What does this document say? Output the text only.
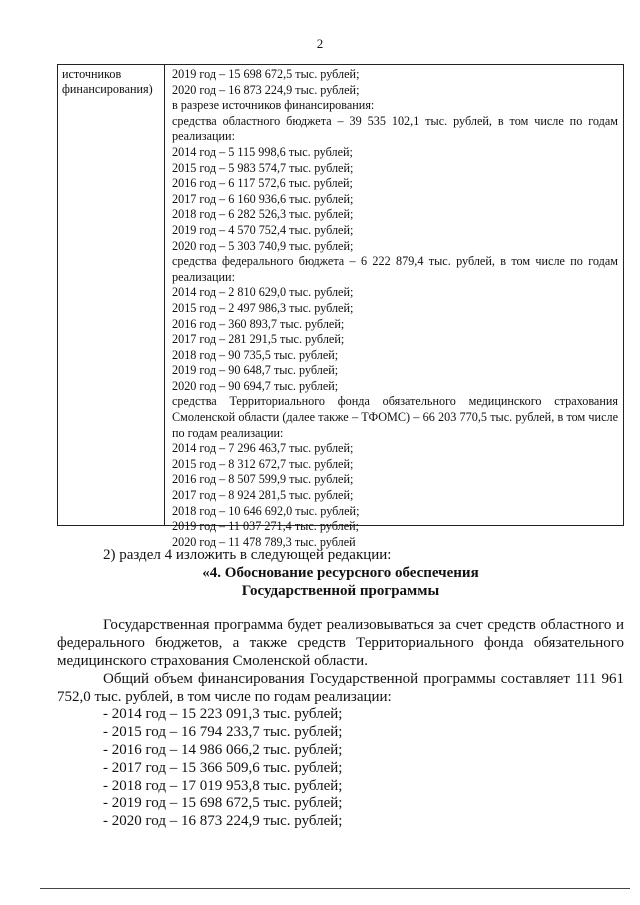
2
источников
финансирования)
2019 год – 15 698 672,5 тыс. рублей;
2020 год – 16 873 224,9 тыс. рублей;
в разрезе источников финансирования:
средства областного бюджета – 39 535 102,1 тыс. рублей, в том числе по годам реализации:
2014 год – 5 115 998,6 тыс. рублей;
2015 год – 5 983 574,7 тыс. рублей;
2016 год – 6 117 572,6 тыс. рублей;
2017 год – 6 160 936,6 тыс. рублей;
2018 год – 6 282 526,3 тыс. рублей;
2019 год – 4 570 752,4 тыс. рублей;
2020 год – 5 303 740,9 тыс. рублей;
средства федерального бюджета – 6 222 879,4 тыс. рублей, в том числе по годам реализации:
2014 год – 2 810 629,0 тыс. рублей;
2015 год – 2 497 986,3 тыс. рублей;
2016 год – 360 893,7 тыс. рублей;
2017 год – 281 291,5 тыс. рублей;
2018 год – 90 735,5 тыс. рублей;
2019 год – 90 648,7 тыс. рублей;
2020 год – 90 694,7 тыс. рублей;
средства Территориального фонда обязательного медицинского страхования Смоленской области (далее также – ТФОМС) – 66 203 770,5 тыс. рублей, в том числе по годам реализации:
2014 год – 7 296 463,7 тыс. рублей;
2015 год – 8 312 672,7 тыс. рублей;
2016 год – 8 507 599,9 тыс. рублей;
2017 год – 8 924 281,5 тыс. рублей;
2018 год – 10 646 692,0 тыс. рублей;
2019 год – 11 037 271,4 тыс. рублей;
2020 год – 11 478 789,3 тыс. рублей
2) раздел 4 изложить в следующей редакции:
«4. Обоснование ресурсного обеспечения
Государственной программы
Государственная программа будет реализовываться за счет средств областного и федерального бюджетов, а также средств Территориального фонда обязательного медицинского страхования Смоленской области.
Общий объем финансирования Государственной программы составляет 111 961 752,0 тыс. рублей, в том числе по годам реализации:
- 2014 год – 15 223 091,3 тыс. рублей;
- 2015 год – 16 794 233,7 тыс. рублей;
- 2016 год – 14 986 066,2 тыс. рублей;
- 2017 год – 15 366 509,6 тыс. рублей;
- 2018 год – 17 019 953,8 тыс. рублей;
- 2019 год – 15 698 672,5 тыс. рублей;
- 2020 год – 16 873 224,9 тыс. рублей;
